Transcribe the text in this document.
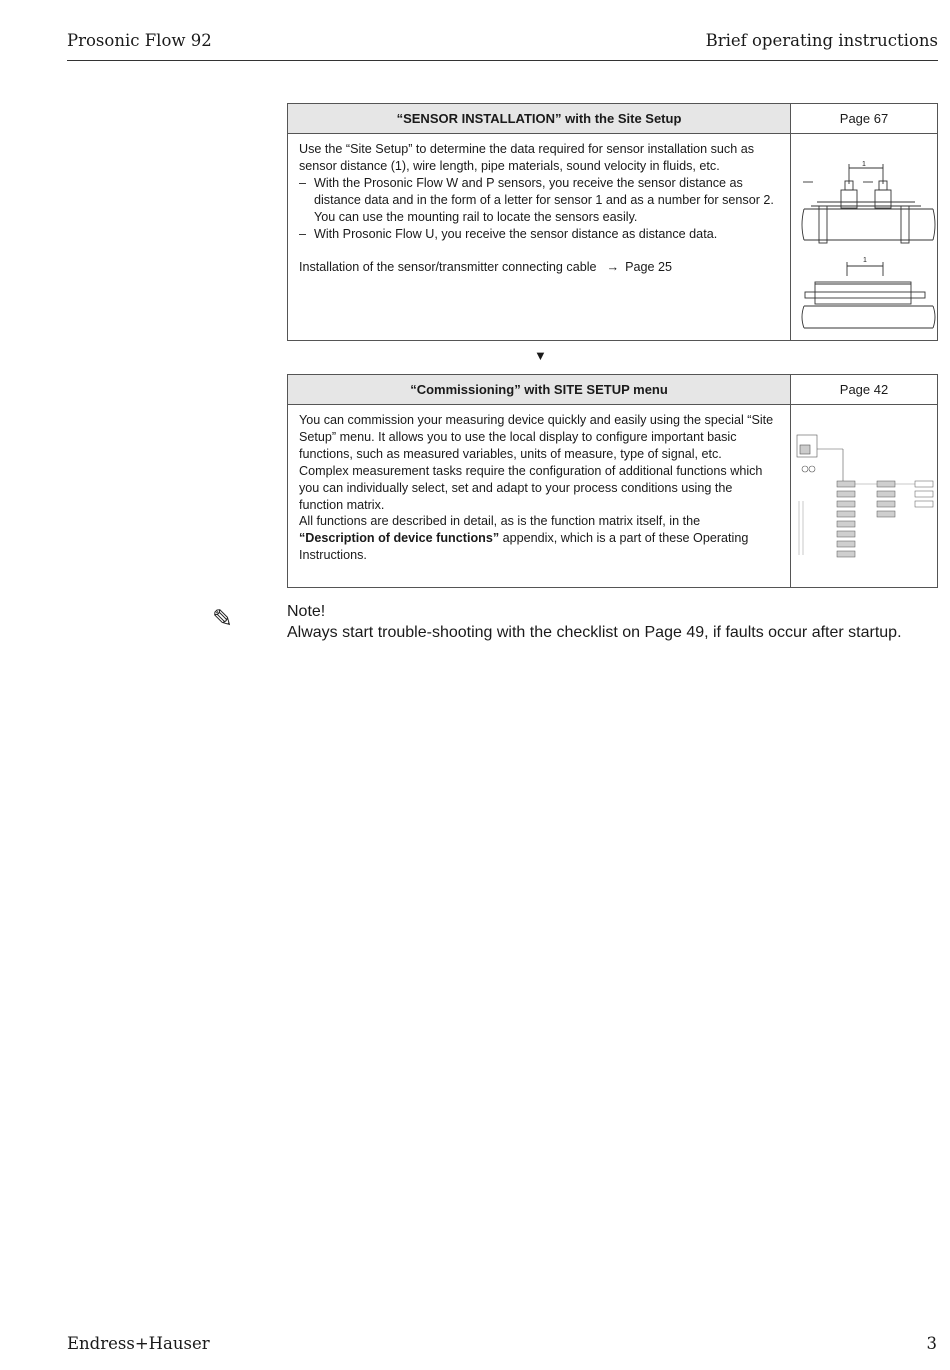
Prosonic Flow 92	Brief operating instructions
“SENSOR INSTALLATION” with the Site Setup	Page 67

Use the “Site Setup” to determine the data required for sensor installation such as sensor distance (1), wire length, pipe materials, sound velocity in fluids, etc.

– With the Prosonic Flow W and P sensors, you receive the sensor distance as distance data and in the form of a letter for sensor 1 and as a number for sensor 2. You can use the mounting rail to locate the sensors easily.
– With Prosonic Flow U, you receive the sensor distance as distance data.

Installation of the sensor/transmitter connecting cable → Page 25

1
1
▼
“Commissioning” with SITE SETUP menu	Page 42

You can commission your measuring device quickly and easily using the special “Site Setup” menu. It allows you to use the local display to configure important basic functions, such as measured variables, units of measure, type of signal, etc.

Complex measurement tasks require the configuration of additional functions which you can individually select, set and adapt to your process conditions using the function matrix.

All functions are described in detail, as is the function matrix itself, in the “Description of device functions” appendix, which is a part of these Operating Instructions.

✎	Note!
Always start trouble-shooting with the checklist on Page 49, if faults occur after startup.
Endress+Hauser	3
